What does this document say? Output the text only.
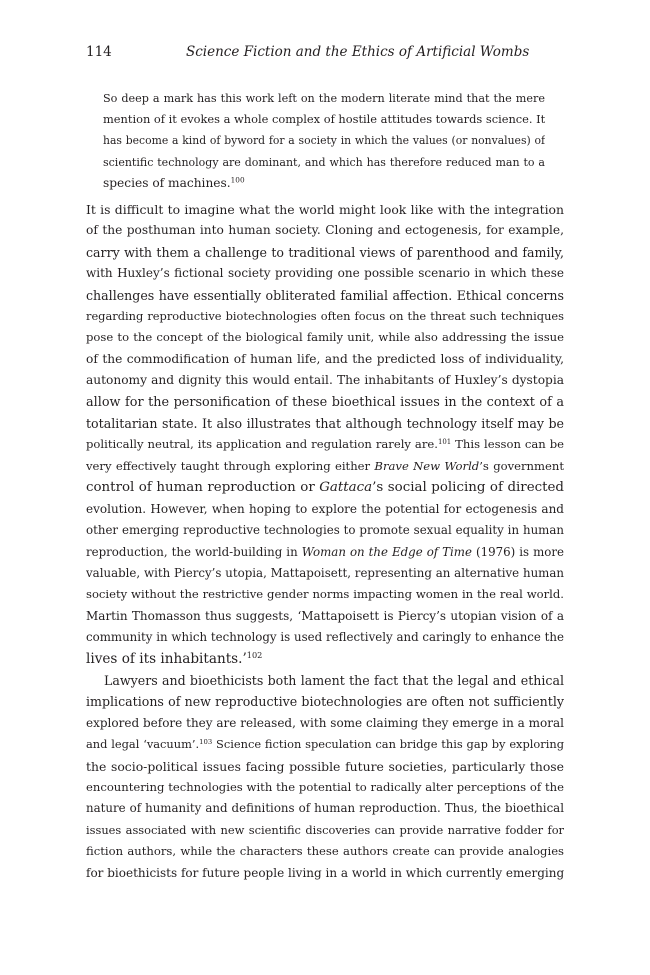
114	Science Fiction and the Ethics of Artificial Wombs
So deep a mark has this work left on the modern literate mind that the mere
mention of it evokes a whole complex of hostile attitudes towards science. It
has become a kind of byword for a society in which the values (or nonvalues) of
scientific technology are dominant, and which has therefore reduced man to a
species of machines.$^{100}$
It is difficult to imagine what the world might look like with the integration
of the posthuman into human society. Cloning and ectogenesis, for example,
carry with them a challenge to traditional views of parenthood and family,
with Huxley’s fictional society providing one possible scenario in which these
challenges have essentially obliterated familial affection. Ethical concerns
regarding reproductive biotechnologies often focus on the threat such techniques
pose to the concept of the biological family unit, while also addressing the issue
of the commodification of human life, and the predicted loss of individuality,
autonomy and dignity this would entail. The inhabitants of Huxley’s dystopia
allow for the personification of these bioethical issues in the context of a
totalitarian state. It also illustrates that although technology itself may be
politically neutral, its application and regulation rarely are.$^{101}$ This lesson can be
very effectively taught through exploring either Brave New World’s government
control of human reproduction or Gattaca’s social policing of directed
evolution. However, when hoping to explore the potential for ectogenesis and
other emerging reproductive technologies to promote sexual equality in human
reproduction, the world-building in Woman on the Edge of Time (1976) is more
valuable, with Piercy’s utopia, Mattapoisett, representing an alternative human
society without the restrictive gender norms impacting women in the real world.
Martin Thomasson thus suggests, ‘Mattapoisett is Piercy’s utopian vision of a
community in which technology is used reflectively and caringly to enhance the
lives of its inhabitants.’$^{102}$
Lawyers and bioethicists both lament the fact that the legal and ethical
implications of new reproductive biotechnologies are often not sufficiently
explored before they are released, with some claiming they emerge in a moral
and legal ‘vacuum’.$^{103}$ Science fiction speculation can bridge this gap by exploring
the socio-political issues facing possible future societies, particularly those
encountering technologies with the potential to radically alter perceptions of the
nature of humanity and definitions of human reproduction. Thus, the bioethical
issues associated with new scientific discoveries can provide narrative fodder for
fiction authors, while the characters these authors create can provide analogies
for bioethicists for future people living in a world in which currently emerging
